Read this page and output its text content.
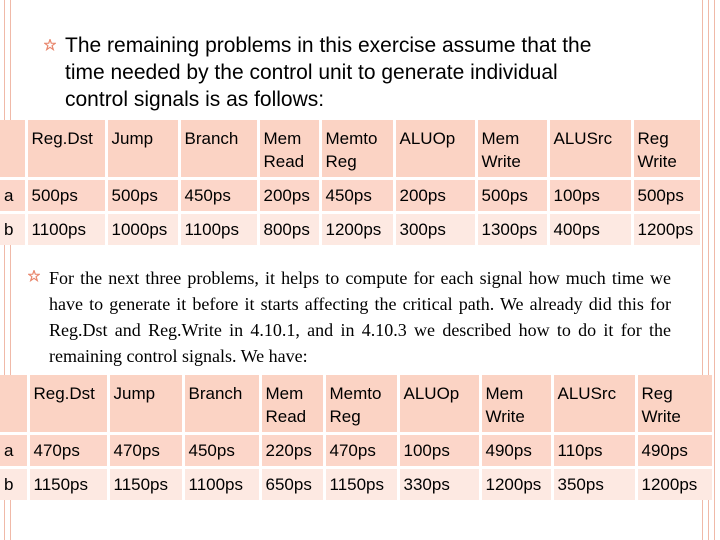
The remaining problems in this exercise assume that the time needed by the control unit to generate individual control signals is as follows:
	Reg.Dst	Jump	Branch	Mem Read	Memto Reg	ALUOp	Mem Write	ALUSrc	Reg Write
a	500ps	500ps	450ps	200ps	450ps	200ps	500ps	100ps	500ps
b	1100ps	1000ps	1100ps	800ps	1200ps	300ps	1300ps	400ps	1200ps
For the next three problems, it helps to compute for each signal how much time we have to generate it before it starts affecting the critical path. We already did this for Reg.Dst and Reg.Write in 4.10.1, and in 4.10.3 we described how to do it for the remaining control signals. We have:
	Reg.Dst	Jump	Branch	Mem Read	Memto Reg	ALUOp	Mem Write	ALUSrc	Reg Write
a	470ps	470ps	450ps	220ps	470ps	100ps	490ps	110ps	490ps
b	1150ps	1150ps	1100ps	650ps	1150ps	330ps	1200ps	350ps	1200ps
